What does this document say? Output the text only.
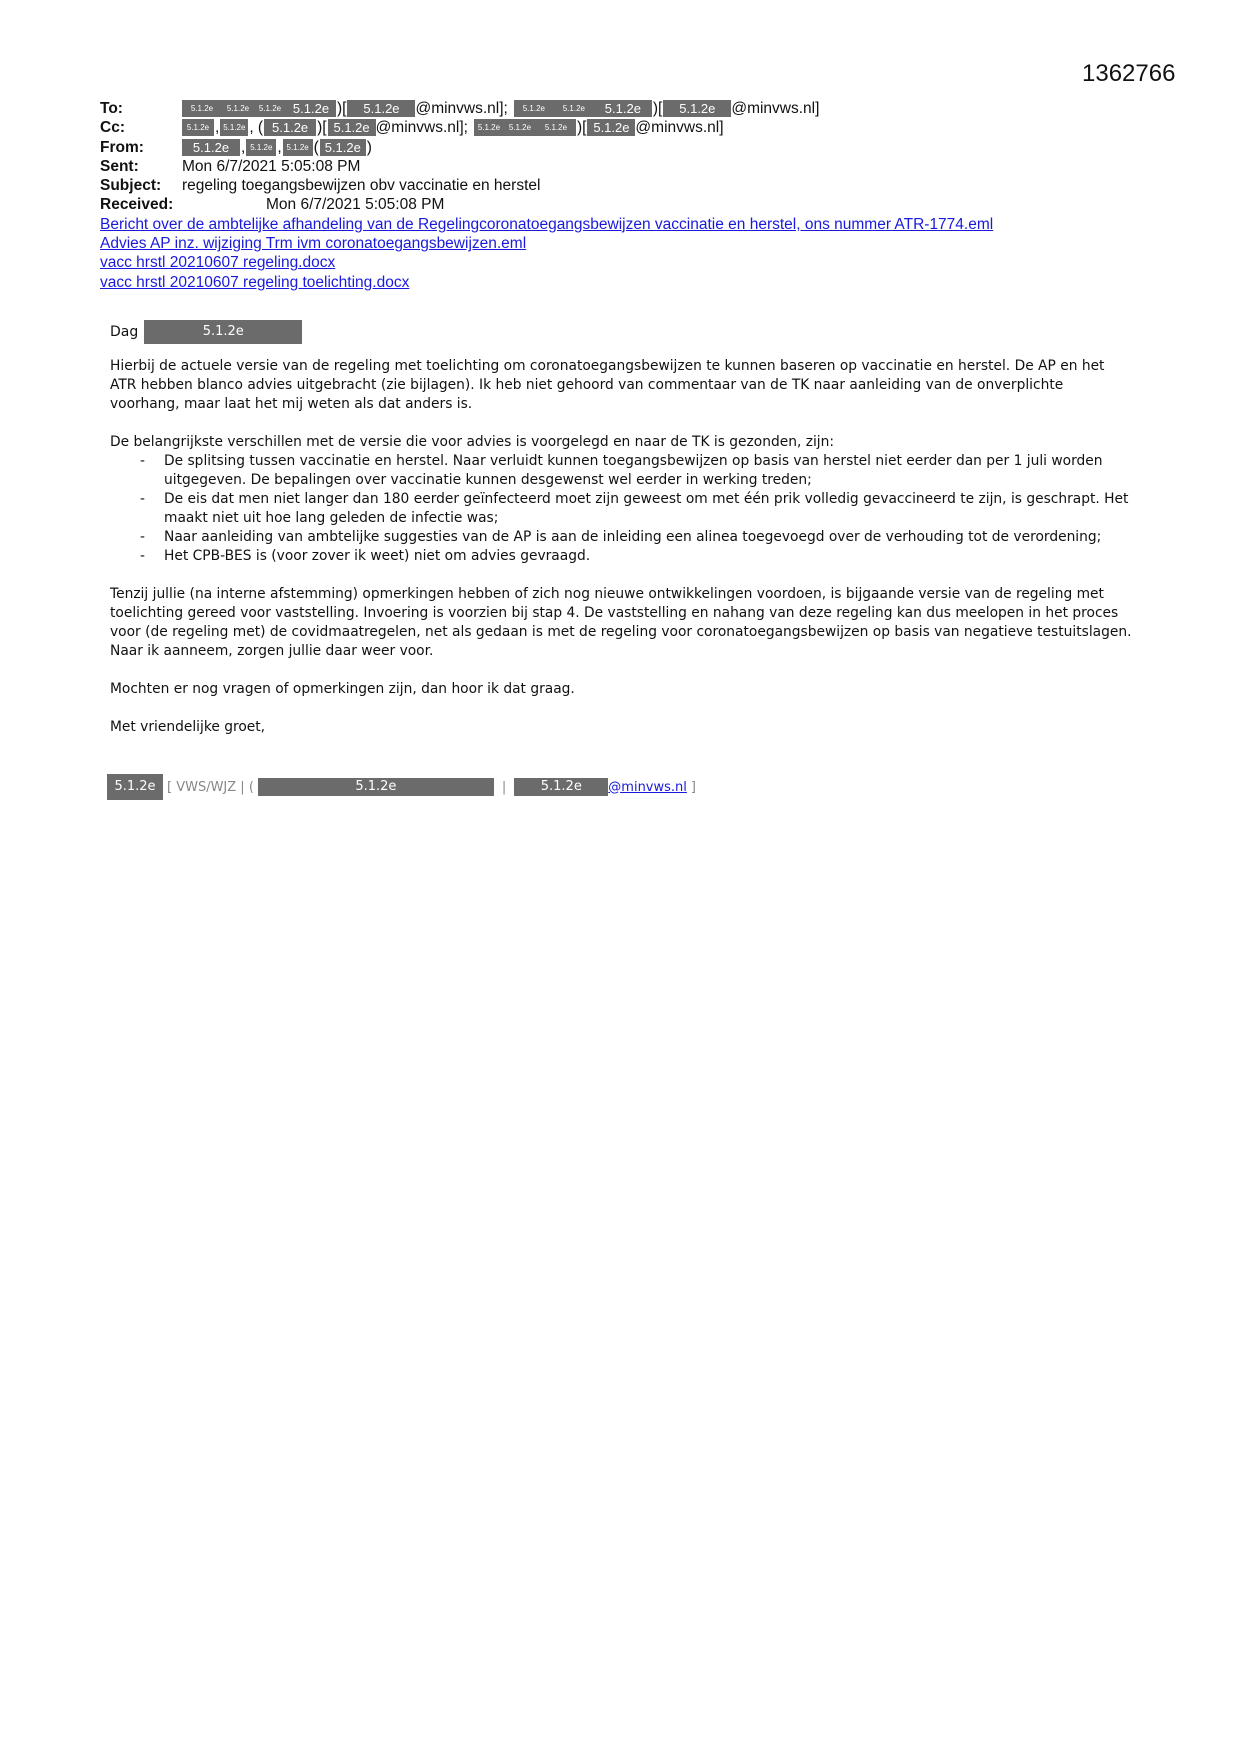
1362766
To:	5.1.2e	5.1.2e	5.1.2e 5.1.2e )[	5.1.2e	@minvws.nl];	5.1.2e	5.1.2e	5.1.2e )[	5.1.2e	@minvws.nl]
Cc:	5.1.2e , 5.1.2e , ( 5.1.2e )[ 5.1.2e @minvws.nl];	5.1.2e	5.1.2e	5.1.2e )[ 5.1.2e @minvws.nl]
From:	5.1.2e , 5.1.2e , 5.1.2e ( 5.1.2e )
Sent:	Mon 6/7/2021 5:05:08 PM
Subject:	regeling toegangsbewijzen obv vaccinatie en herstel
Received:	Mon 6/7/2021 5:05:08 PM
Bericht over de ambtelijke afhandeling van de Regelingcoronatoegangsbewijzen vaccinatie en herstel, ons nummer ATR-1774.eml
Advies AP inz. wijziging Trm ivm coronatoegangsbewijzen.eml
vacc hrstl 20210607 regeling.docx
vacc hrstl 20210607 regeling toelichting.docx
Dag	5.1.2e

Hierbij de actuele versie van de regeling met toelichting om coronatoegangsbewijzen te kunnen baseren op vaccinatie en herstel. De AP en het ATR hebben blanco advies uitgebracht (zie bijlagen). Ik heb niet gehoord van commentaar van de TK naar aanleiding van de onverplichte voorhang, maar laat het mij weten als dat anders is.

De belangrijkste verschillen met de versie die voor advies is voorgelegd en naar de TK is gezonden, zijn:
- De splitsing tussen vaccinatie en herstel. Naar verluidt kunnen toegangsbewijzen op basis van herstel niet eerder dan per 1 juli worden uitgegeven. De bepalingen over vaccinatie kunnen desgewenst wel eerder in werking treden;
- De eis dat men niet langer dan 180 eerder geïnfecteerd moet zijn geweest om met één prik volledig gevaccineerd te zijn, is geschrapt. Het maakt niet uit hoe lang geleden de infectie was;
- Naar aanleiding van ambtelijke suggesties van de AP is aan de inleiding een alinea toegevoegd over de verhouding tot de verordening;
- Het CPB-BES is (voor zover ik weet) niet om advies gevraagd.

Tenzij jullie (na interne afstemming) opmerkingen hebben of zich nog nieuwe ontwikkelingen voordoen, is bijgaande versie van de regeling met toelichting gereed voor vaststelling. Invoering is voorzien bij stap 4. De vaststelling en nahang van deze regeling kan dus meelopen in het proces voor (de regeling met) de covidmaatregelen, net als gedaan is met de regeling voor coronatoegangsbewijzen op basis van negatieve testuitslagen. Naar ik aanneem, zorgen jullie daar weer voor.

Mochten er nog vragen of opmerkingen zijn, dan hoor ik dat graag.

Met vriendelijke groet,

5.1.2e [ VWS/WJZ | (	5.1.2e	|	5.1.2e	@minvws.nl ]
